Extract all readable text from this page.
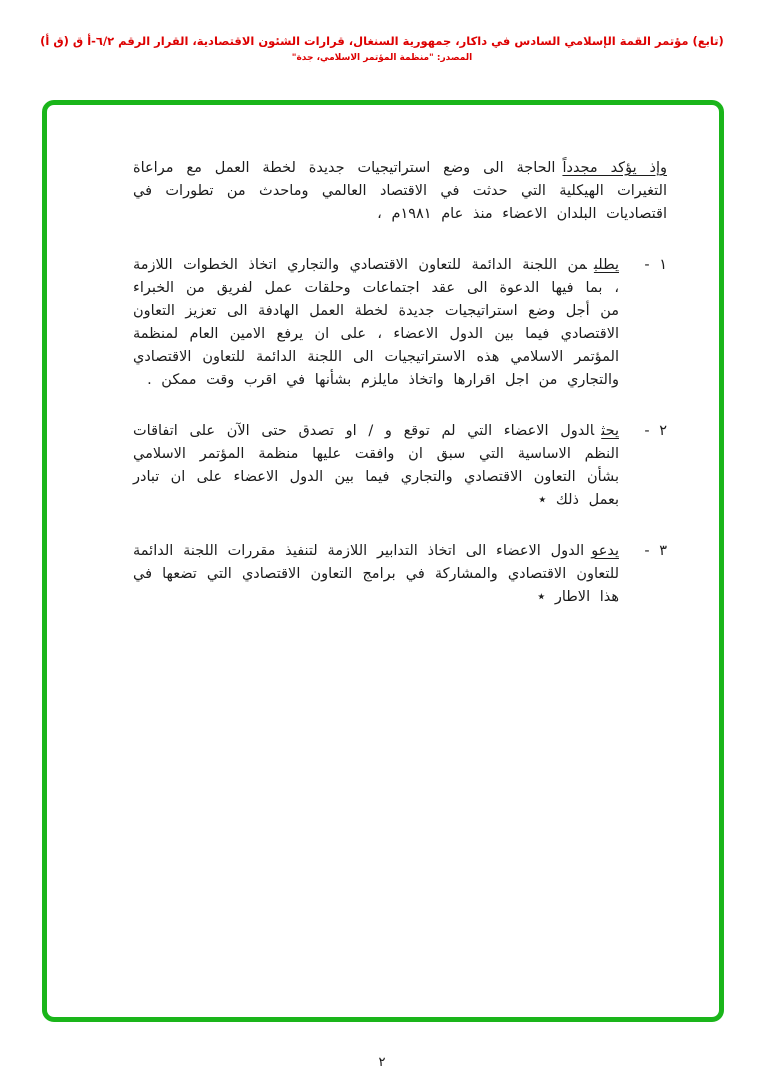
(تابع) مؤتمر القمة الإسلامي السادس في داكار، جمهورية السنغال، قرارات الشئون الاقتصادية، القرار الرقم ٦/٢-أ ق (ق أ)
المصدر: "منظمة المؤتمر الاسلامي، جدة"

وإذ يؤكد مجدداًالحاجة الى وضع استراتيجيات جديدة لخطة العمل مع مراعاة التغيرات الهيكلية التي حدثت في الاقتصاد العالمي وماحدث من تطورات في اقتصاديات البلدان الاعضاء منذ عام ١٩٨١م ،

١ -
يطلبمن اللجنة الدائمة للتعاون الاقتصادي والتجاري اتخاذ الخطوات اللازمة ، بما فيها الدعوة الى عقد اجتماعات وحلقات عمل لفريق من الخبراء من أجل وضع استراتيجيات جديدة لخطة العمل الهادفة الى تعزيز التعاون الاقتصادي فيما بين الدول الاعضاء ، على ان يرفع الامين العام لمنظمة المؤتمر الاسلامي هذه الاستراتيجيات الى اللجنة الدائمة للتعاون الاقتصادي والتجاري من اجل اقرارها واتخاذ مايلزم بشأنها في اقرب وقت ممكن .
٢ -
يحثالدول الاعضاء التي لم توقع و / او تصدق حتى الآن على اتفاقات النظم الاساسية التي سبق ان وافقت عليها منظمة المؤتمر الاسلامي بشأن التعاون الاقتصادي والتجاري فيما بين الدول الاعضاء على ان تبادر بعمل ذلك ٭
٣ -
يدعوالدول الاعضاء الى اتخاذ التدابير اللازمة لتنفيذ مقررات اللجنة الدائمة للتعاون الاقتصادي والمشاركة في برامج التعاون الاقتصادي التي تضعها في هذا الاطار ٭
٢
